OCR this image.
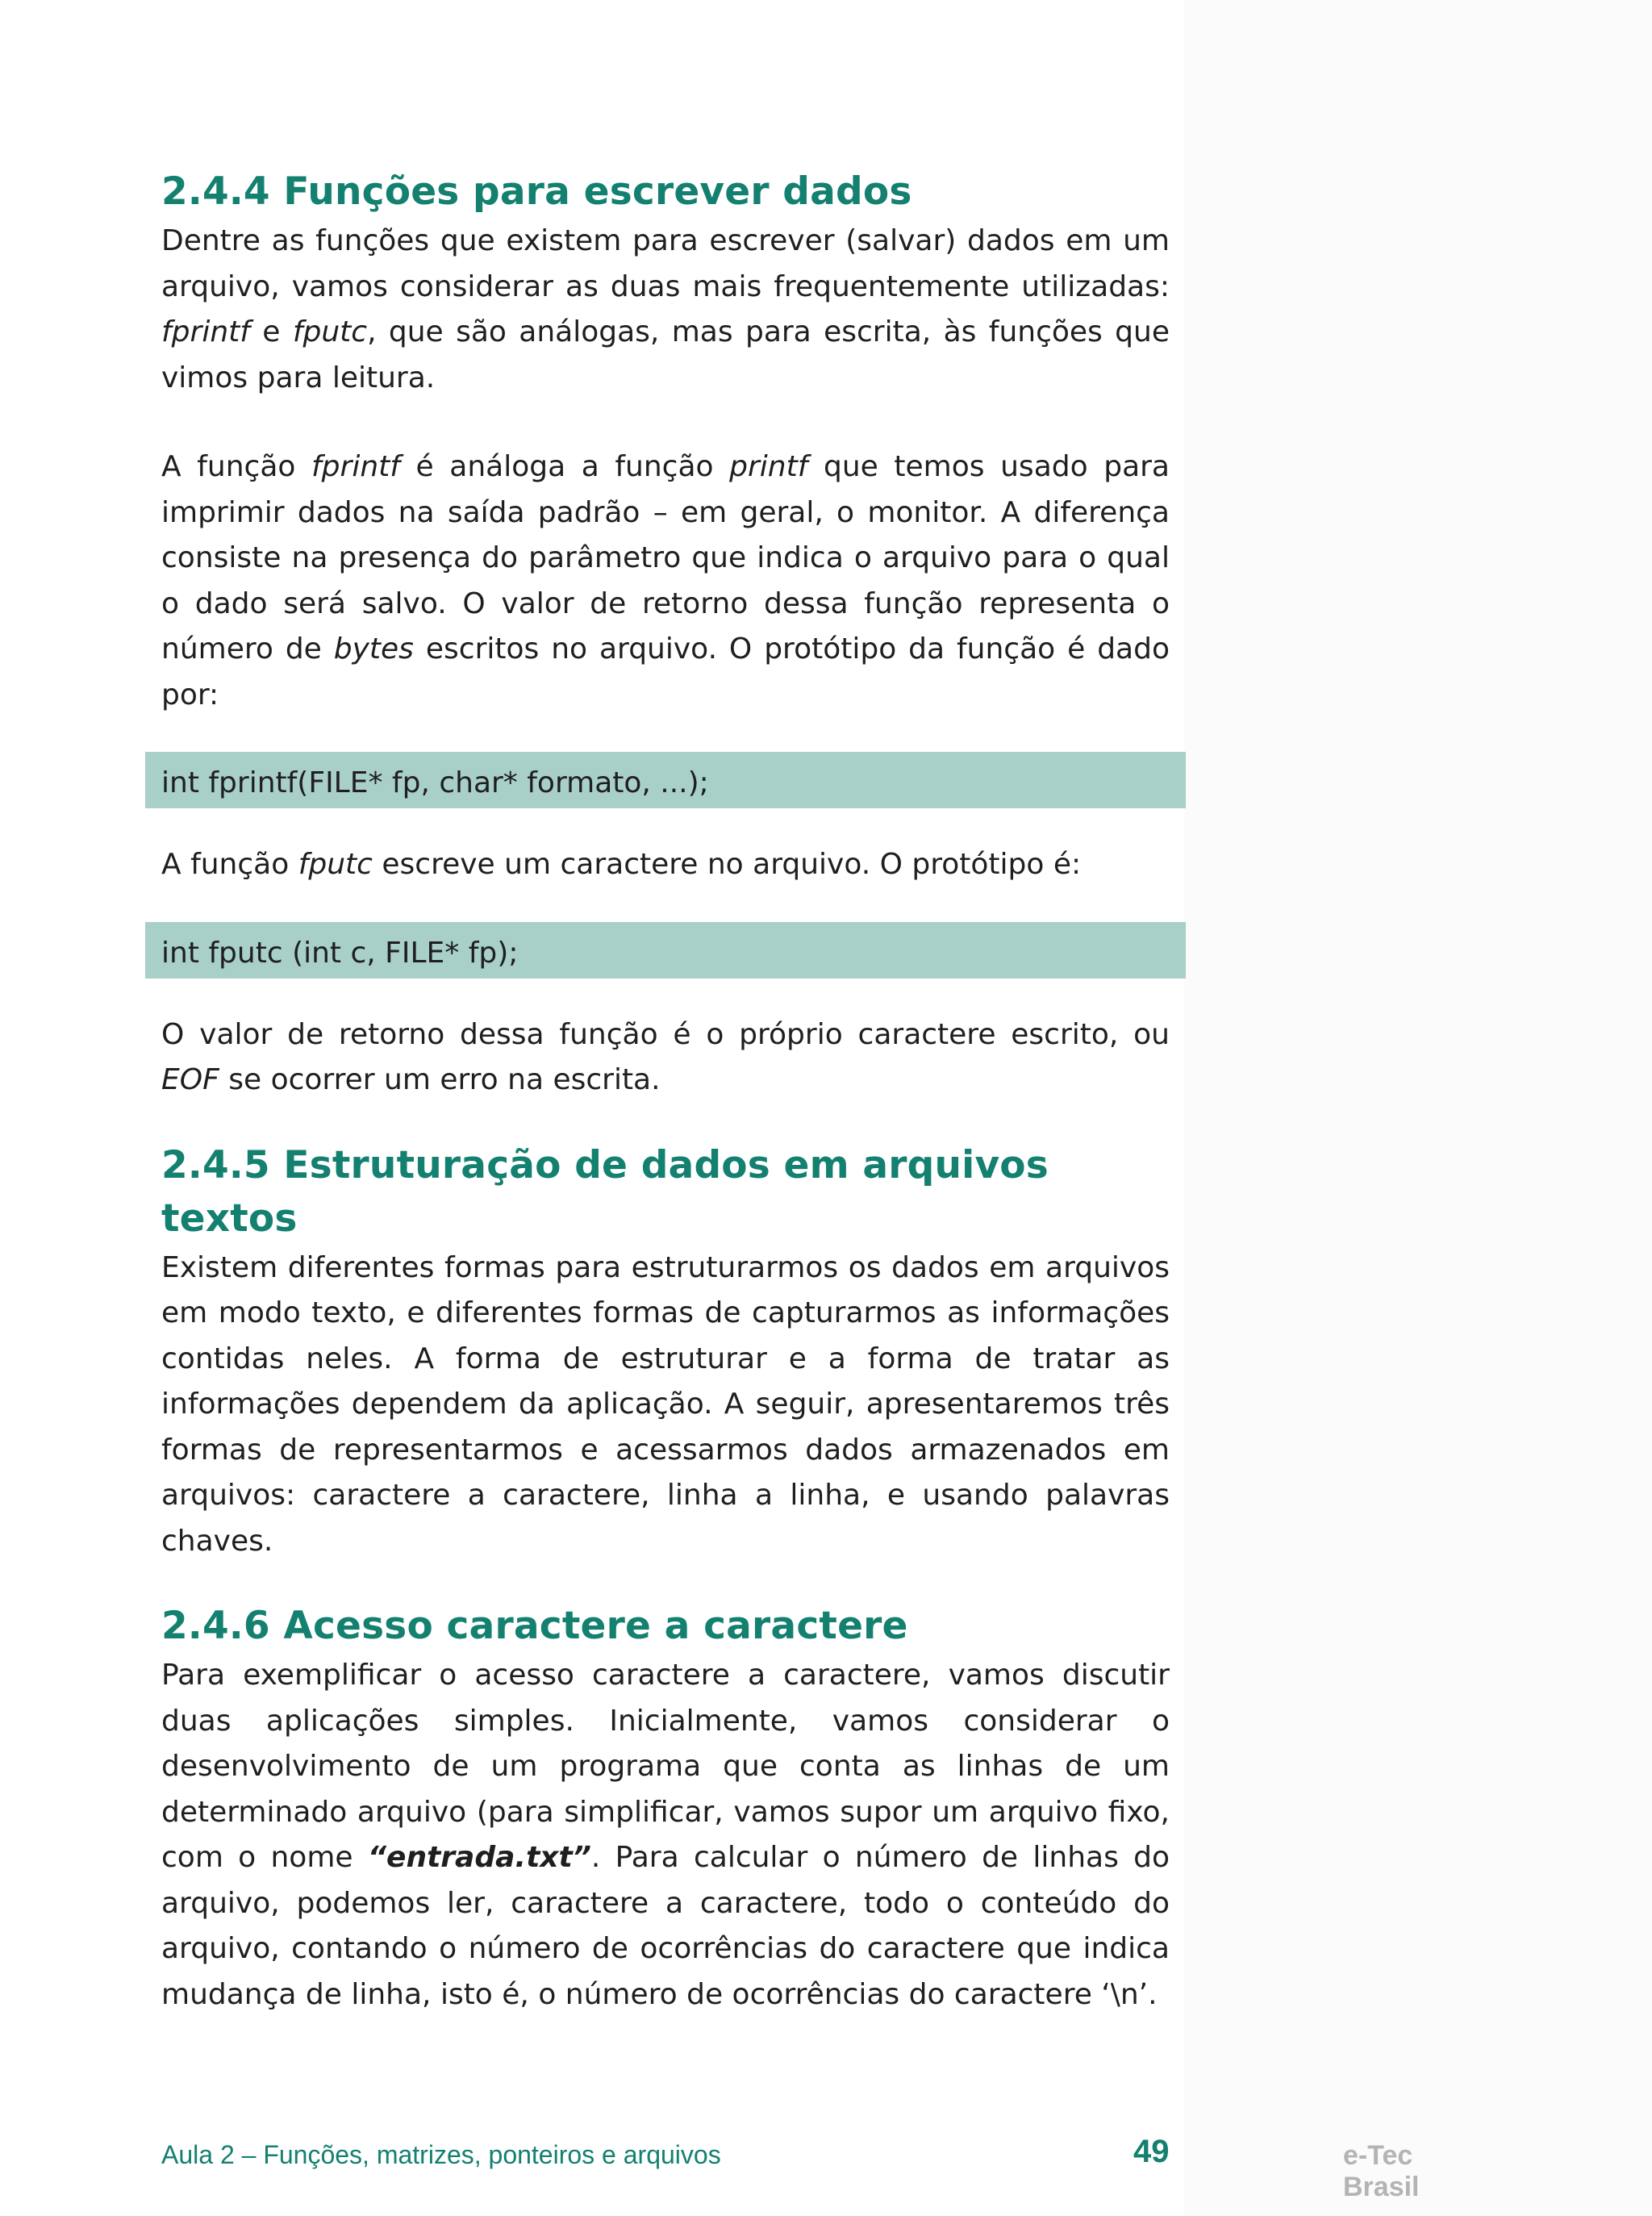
2.4.4 Funções para escrever dados

Dentre as funções que existem para escrever (salvar) dados em um arquivo, vamos considerar as duas mais frequentemente utilizadas: fprintf e fputc, que são análogas, mas para escrita, às funções que vimos para leitura.

A função fprintf é análoga a função printf que temos usado para imprimir dados na saída padrão – em geral, o monitor. A diferença consiste na presença do parâmetro que indica o arquivo para o qual o dado será salvo. O valor de retorno dessa função representa o número de bytes escritos no arquivo. O protótipo da função é dado por:

int fprintf(FILE* fp, char* formato, ...);

A função fputc escreve um caractere no arquivo. O protótipo é:

int fputc (int c, FILE* fp);

O valor de retorno dessa função é o próprio caractere escrito, ou EOF se ocorrer um erro na escrita.

2.4.5 Estruturação de dados em arquivos textos

Existem diferentes formas para estruturarmos os dados em arquivos em modo texto, e diferentes formas de capturarmos as informações contidas neles. A forma de estruturar e a forma de tratar as informações dependem da aplicação. A seguir, apresentaremos três formas de representarmos e acessarmos dados armazenados em arquivos: caractere a caractere, linha a linha, e usando palavras chaves.

2.4.6 Acesso caractere a caractere

Para exemplificar o acesso caractere a caractere, vamos discutir duas aplicações simples. Inicialmente, vamos considerar o desenvolvimento de um programa que conta as linhas de um determinado arquivo (para simplificar, vamos supor um arquivo fixo, com o nome “entrada.txt”. Para calcular o número de linhas do arquivo, podemos ler, caractere a caractere, todo o conteúdo do arquivo, contando o número de ocorrências do caractere que indica mudança de linha, isto é, o número de ocorrências do caractere ‘\n’.

Aula 2 – Funções, matrizes, ponteiros e arquivos	49	e-Tec Brasil
